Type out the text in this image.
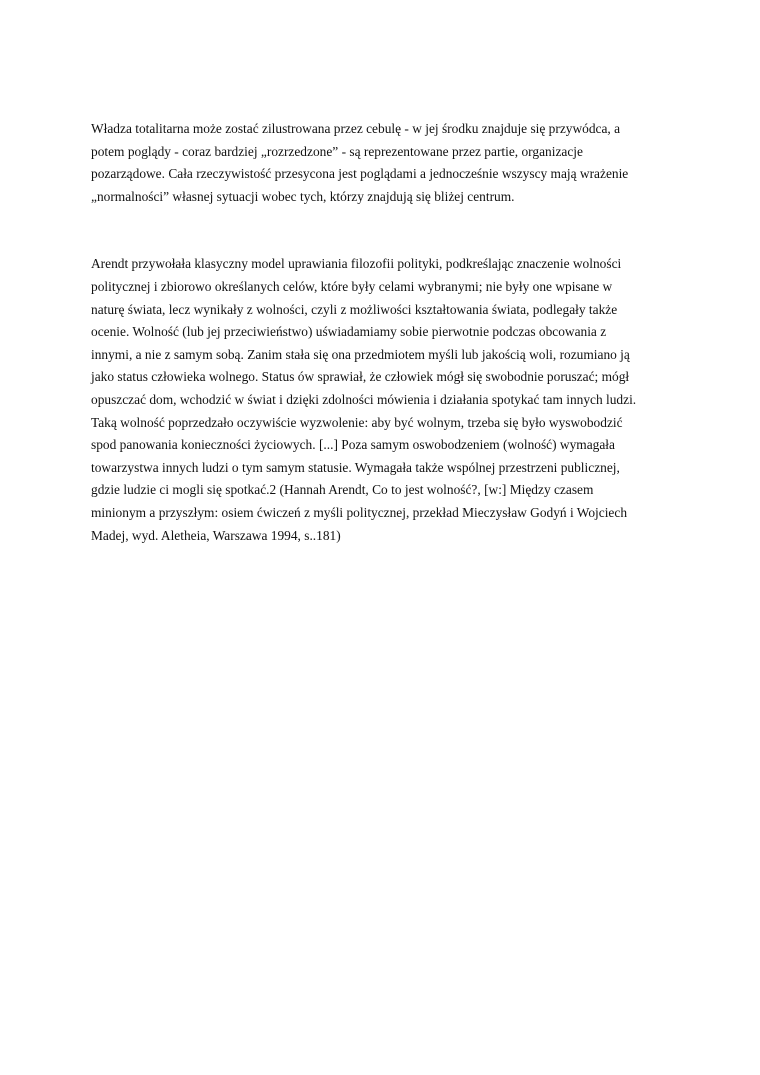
Władza totalitarna może zostać zilustrowana przez cebulę - w jej środku znajduje się przywódca, a
potem poglądy - coraz bardziej „rozrzedzone” - są reprezentowane przez partie, organizacje
pozarządowe. Cała rzeczywistość przesycona jest poglądami a jednocześnie wszyscy mają wrażenie
„normalności” własnej sytuacji wobec tych, którzy znajdują się bliżej centrum.

Arendt przywołała klasyczny model uprawiania filozofii polityki, podkreślając znaczenie wolności
politycznej i zbiorowo określanych celów, które były celami wybranymi; nie były one wpisane w
naturę świata, lecz wynikały z wolności, czyli z możliwości kształtowania świata, podlegały także
ocenie. Wolność (lub jej przeciwieństwo) uświadamiamy sobie pierwotnie podczas obcowania z
innymi, a nie z samym sobą. Zanim stała się ona przedmiotem myśli lub jakością woli, rozumiano ją
jako status człowieka wolnego. Status ów sprawiał, że człowiek mógł się swobodnie poruszać; mógł
opuszczać dom, wchodzić w świat i dzięki zdolności mówienia i działania spotykać tam innych ludzi.
Taką wolność poprzedzało oczywiście wyzwolenie: aby być wolnym, trzeba się było wyswobodzić
spod panowania konieczności życiowych. [...] Poza samym oswobodzeniem (wolność) wymagała
towarzystwa innych ludzi o tym samym statusie. Wymagała także wspólnej przestrzeni publicznej,
gdzie ludzie ci mogli się spotkać.2 (Hannah Arendt, Co to jest wolność?, [w:] Między czasem
minionym a przyszłym: osiem ćwiczeń z myśli politycznej, przekład Mieczysław Godyń i Wojciech
Madej, wyd. Aletheia, Warszawa 1994, s..181)
